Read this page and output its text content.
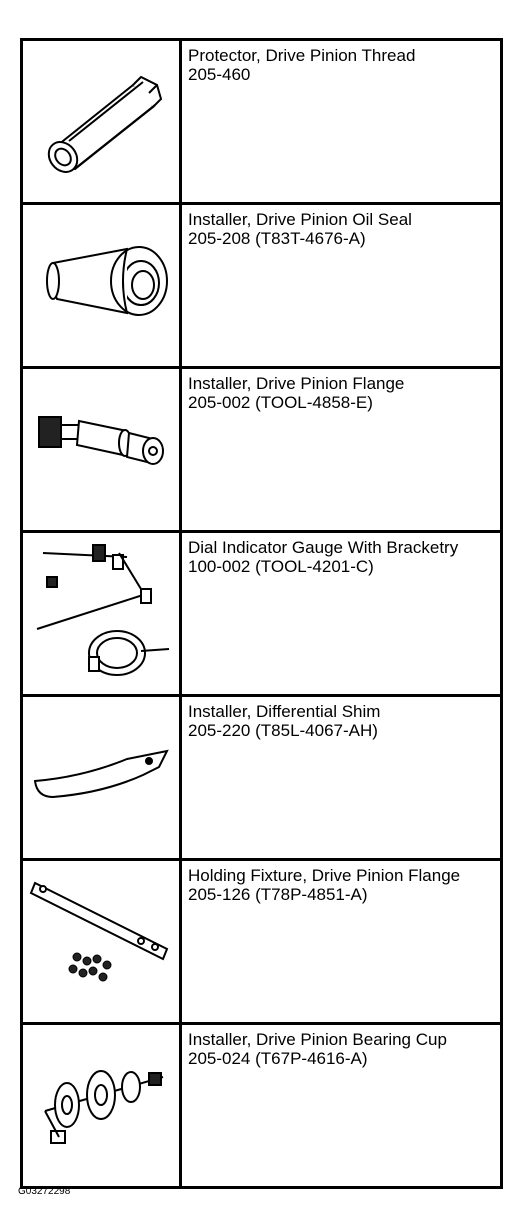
Protector, Drive Pinion Thread
205-460

Installer, Drive Pinion Oil Seal
205-208 (T83T-4676-A)

Installer, Drive Pinion Flange
205-002 (TOOL-4858-E)

Dial Indicator Gauge With Bracketry
100-002 (TOOL-4201-C)

Installer, Differential Shim
205-220 (T85L-4067-AH)

Holding Fixture, Drive Pinion Flange
205-126 (T78P-4851-A)

Installer, Drive Pinion Bearing Cup
205-024 (T67P-4616-A)
G03272298
